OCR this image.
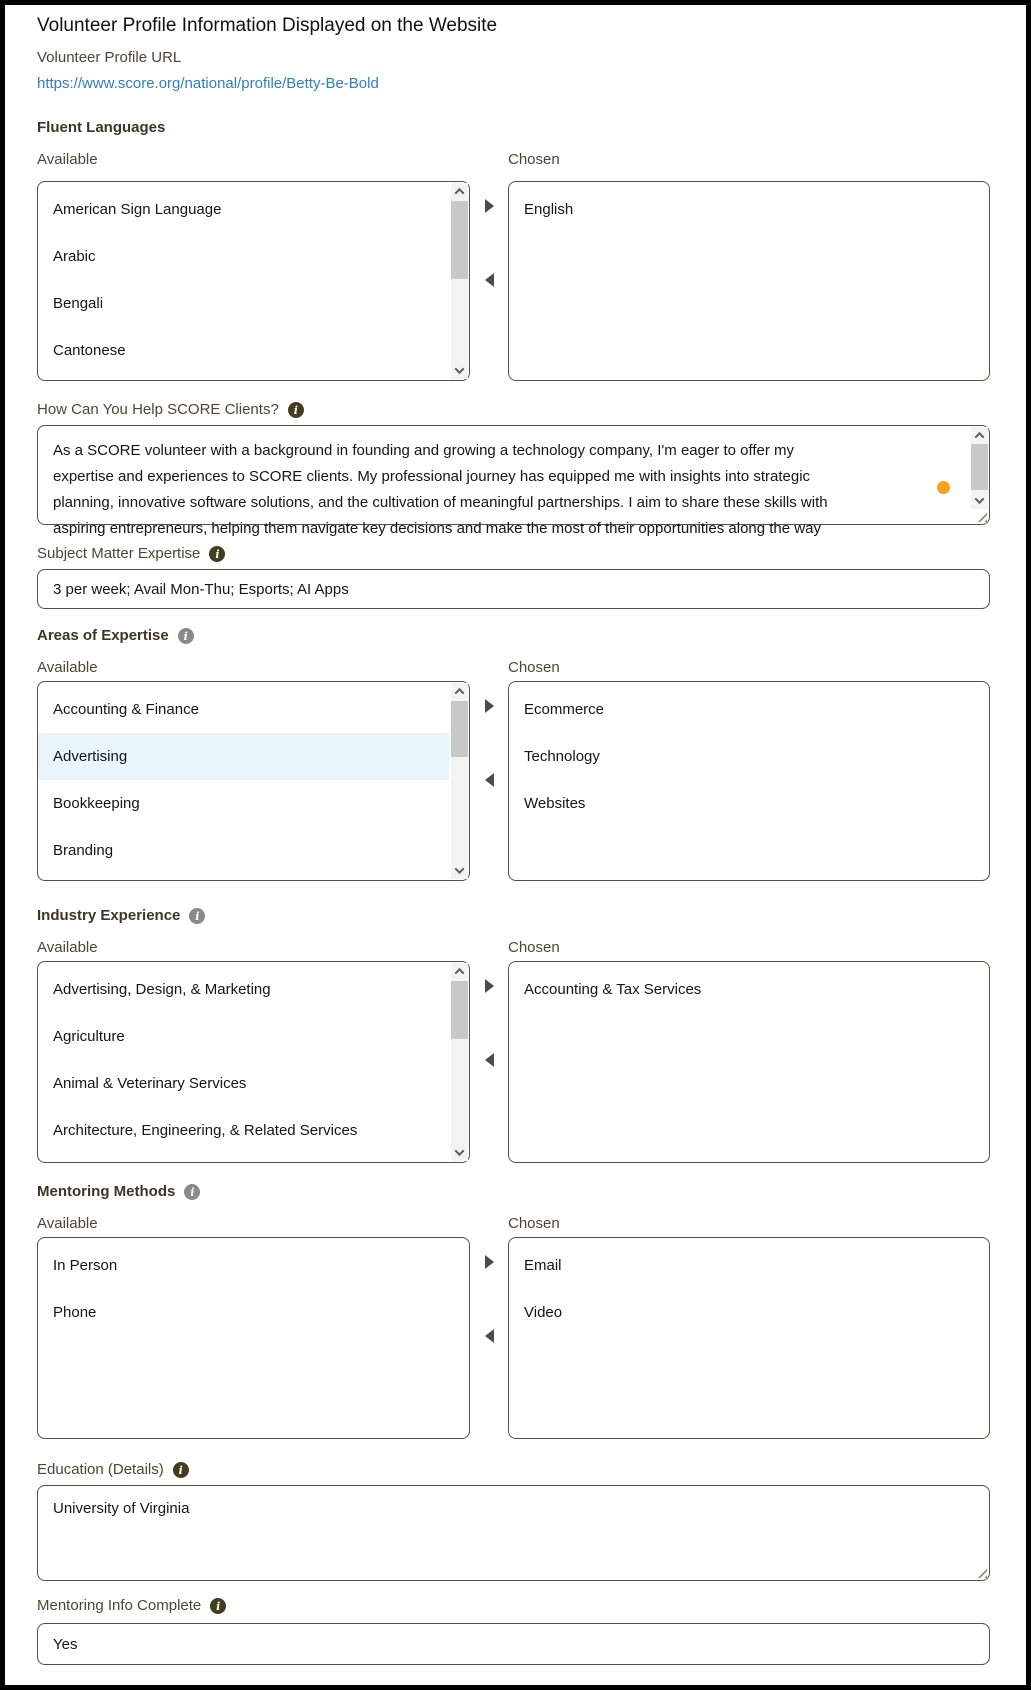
Volunteer Profile Information Displayed on the Website
Volunteer Profile URL
https://www.score.org/national/profile/Betty-Be-Bold
Fluent Languages
Available	Chosen
American Sign Language
Arabic
Bengali
Cantonese
English
How Can You Help SCORE Clients?
i
As a SCORE volunteer with a background in founding and growing a technology company, I'm eager to offer my
expertise and experiences to SCORE clients. My professional journey has equipped me with insights into strategic
planning, innovative software solutions, and the cultivation of meaningful partnerships. I aim to share these skills with
aspiring entrepreneurs, helping them navigate key decisions and make the most of their opportunities along the way
Subject Matter Expertise
i
3 per week; Avail Mon-Thu; Esports; AI Apps
Areas of Expertise
i
Available	Chosen
Accounting & Finance
Advertising
Bookkeeping
Branding
Ecommerce
Technology
Websites
Industry Experience
i
Available	Chosen
Advertising, Design, & Marketing
Agriculture
Animal & Veterinary Services
Architecture, Engineering, & Related Services
Accounting & Tax Services
Mentoring Methods
i
Available	Chosen
In Person
Phone
Email
Video
Education (Details)
i
University of Virginia
Mentoring Info Complete
i
Yes
